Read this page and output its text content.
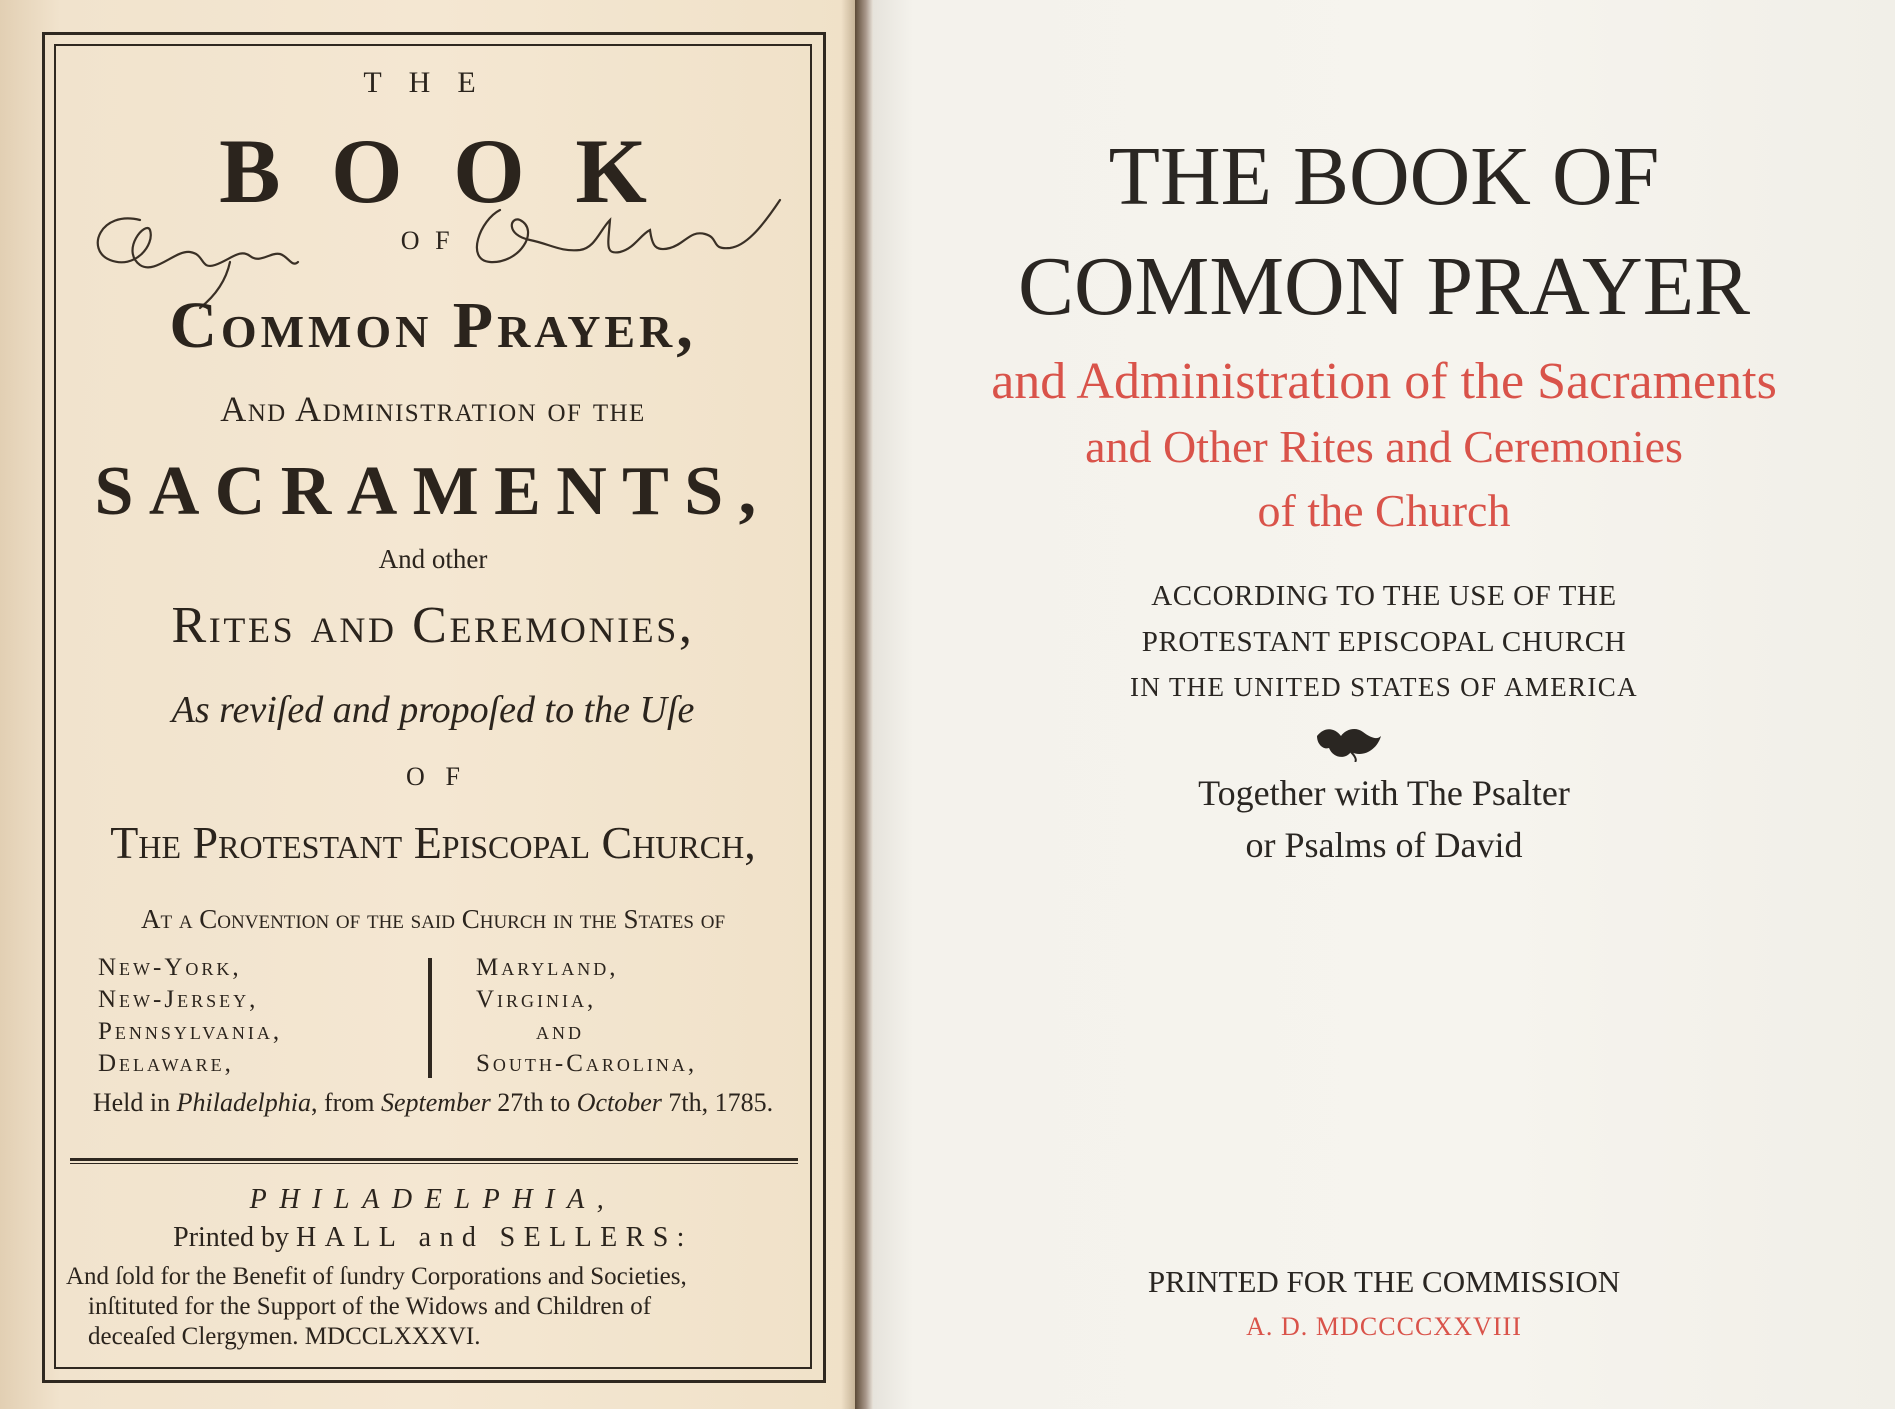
THE
BOOK
OF
Common Prayer,
And Administration of the
SACRAMENTS,
And other
Rites and Ceremonies,
As reviſed and propoſed to the Uſe
OF
The Proteſtant Epiſcopal Church,
At a Convention of the ſaid Church in the States of
New-York,
New-Jersey,
Pennsylvania,
Delaware,
Maryland,
Virginia,
and
South-Carolina,
Held in Philadelphia, from September 27th to October 7th, 1785.
PHILADELPHIA,
Printed by HALL and SELLERS:
And ſold for the Benefit of ſundry Corporations and Societies,
inſtituted for the Support of the Widows and Children of
deceaſed Clergymen. MDCCLXXXVI.
THE BOOK OF
COMMON PRAYER
and Administration of the Sacraments
and Other Rites and Ceremonies
of the Church
ACCORDING TO THE USE OF THE
PROTESTANT EPISCOPAL CHURCH
IN THE UNITED STATES OF AMERICA
Together with The Psalter
or Psalms of David
PRINTED FOR THE COMMISSION
A. D. MDCCCCXXVIII
